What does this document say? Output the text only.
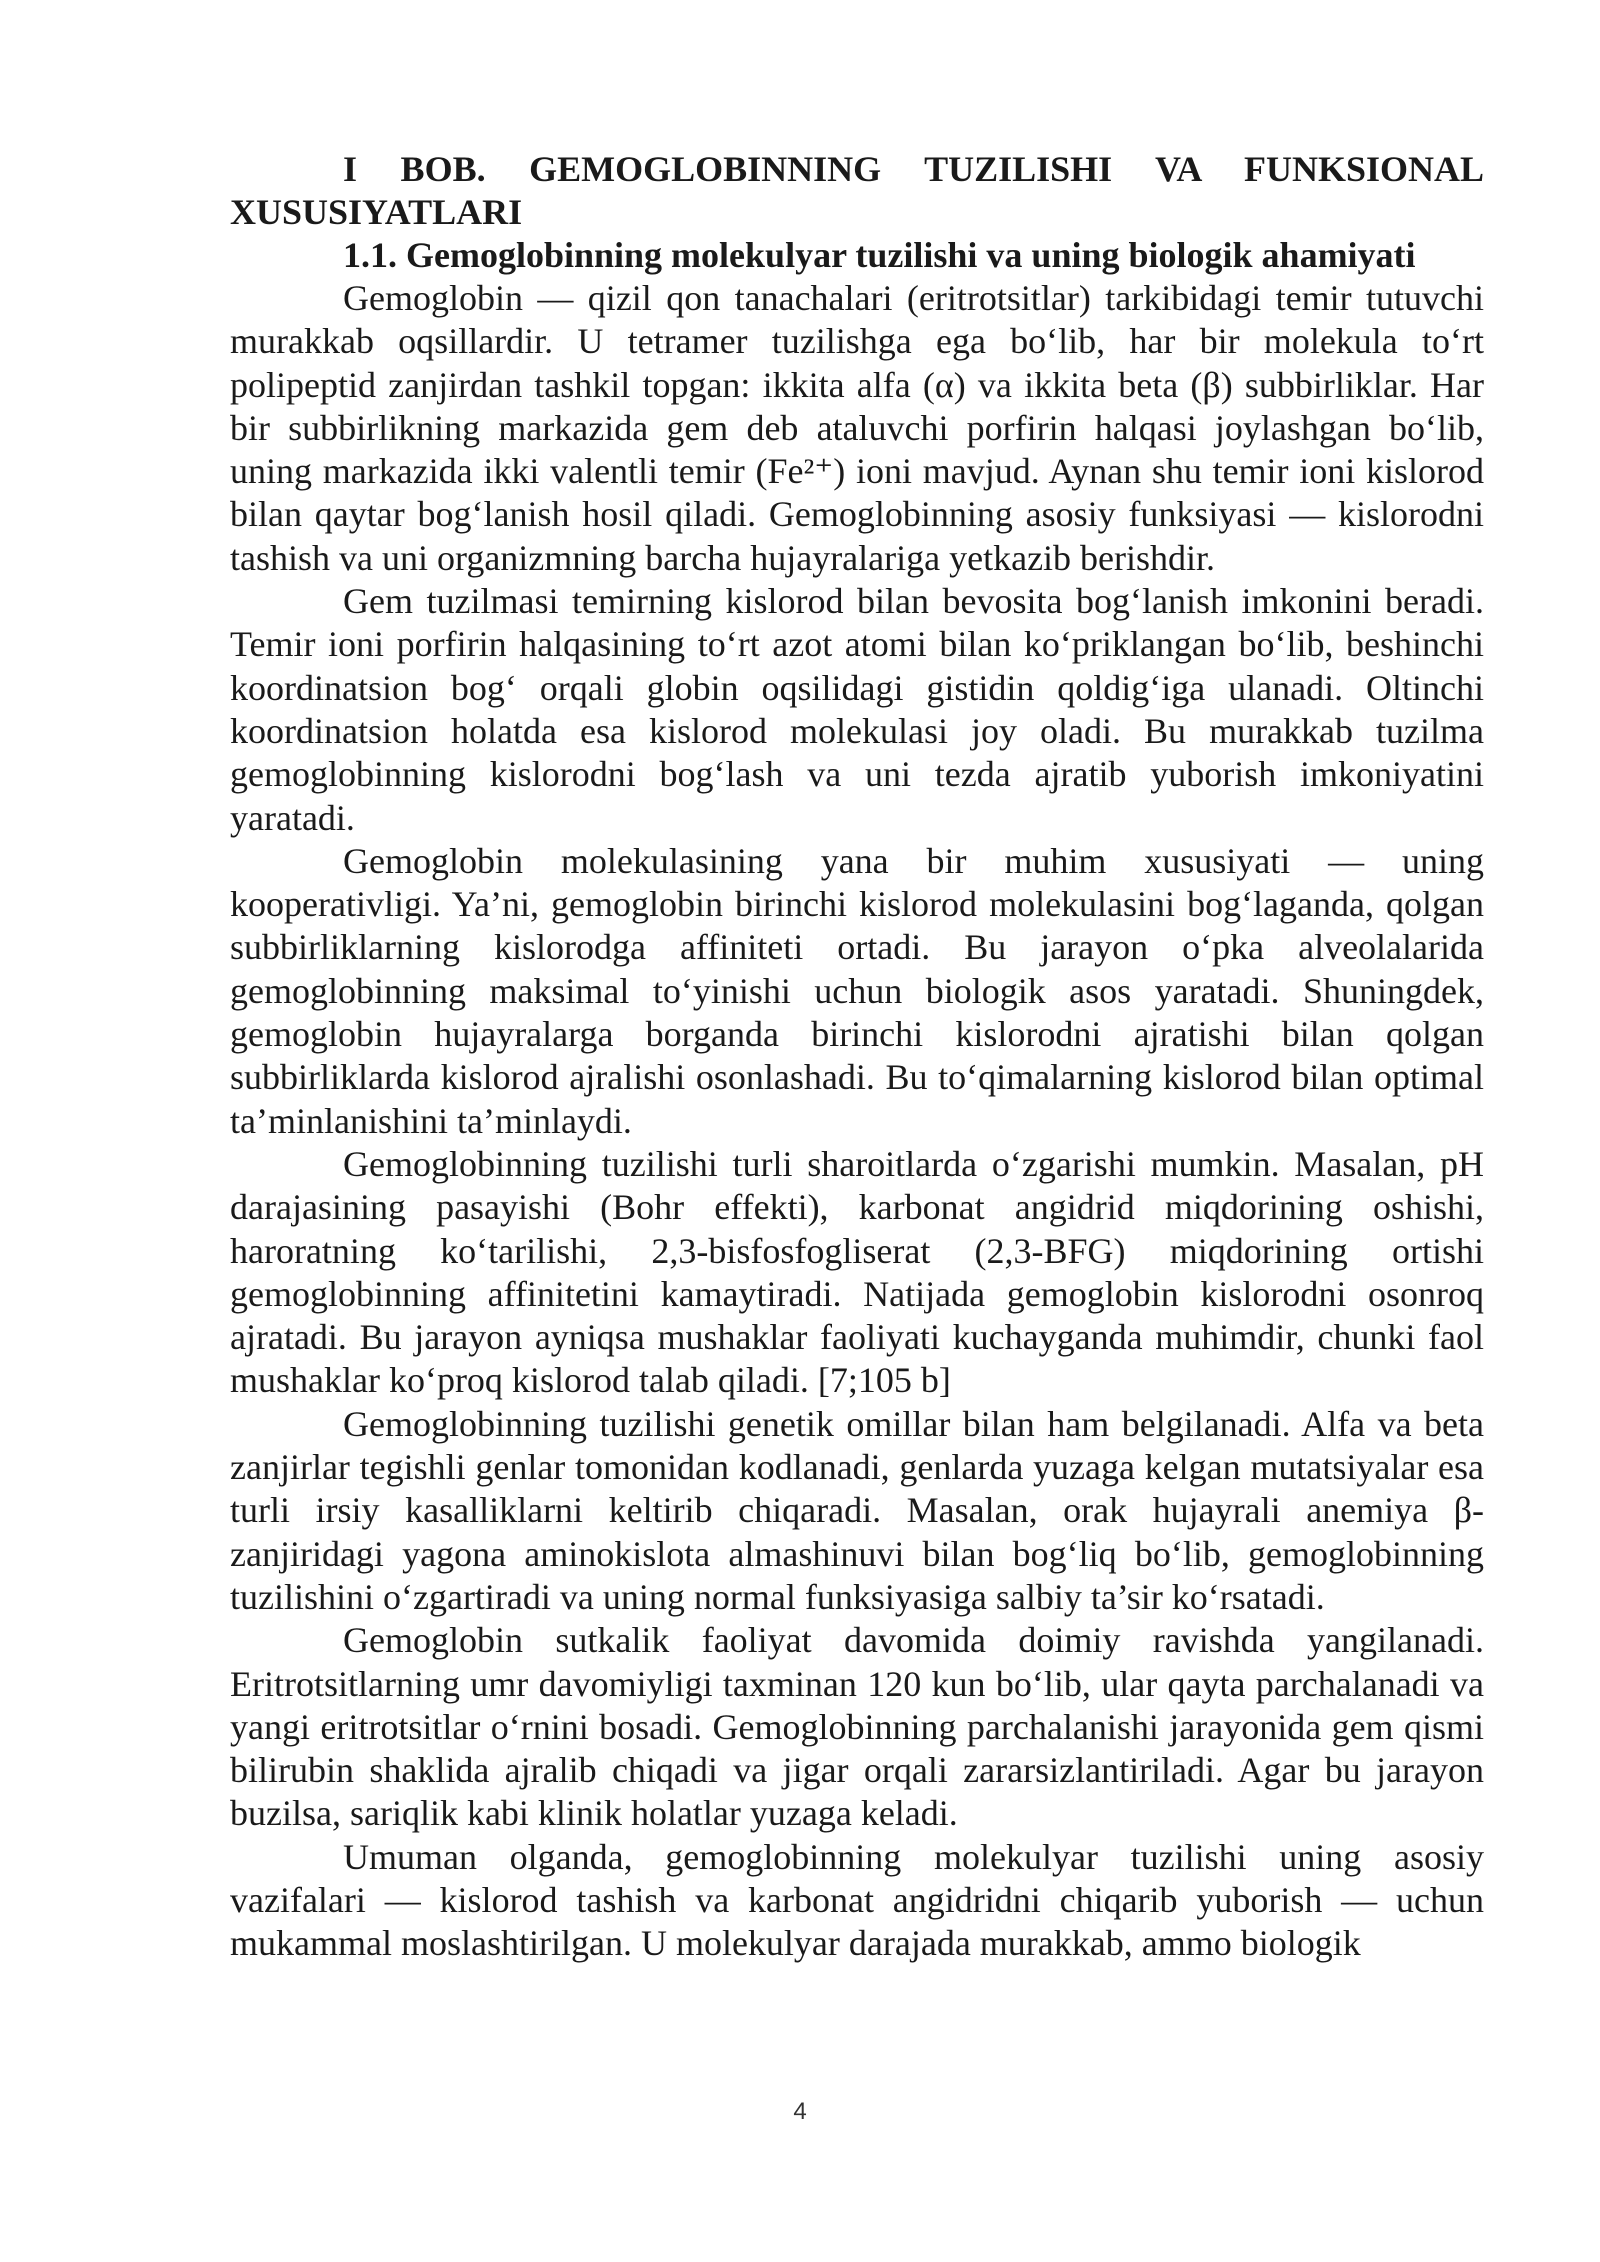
I BOB. GEMOGLOBINNING TUZILISHI VA FUNKSIONAL XUSUSIYATLARI

1.1. Gemoglobinning molekulyar tuzilishi va uning biologik ahamiyati

Gemoglobin — qizil qon tanachalari (eritrotsitlar) tarkibidagi temir tutuvchi murakkab oqsillardir. U tetramer tuzilishga ega bo‘lib, har bir molekula to‘rt polipeptid zanjirdan tashkil topgan: ikkita alfa (α) va ikkita beta (β) subbirliklar. Har bir subbirlikning markazida gem deb ataluvchi porfirin halqasi joylashgan bo‘lib, uning markazida ikki valentli temir (Fe²⁺) ioni mavjud. Aynan shu temir ioni kislorod bilan qaytar bog‘lanish hosil qiladi. Gemoglobinning asosiy funksiyasi — kislorodni tashish va uni organizmning barcha hujayralariga yetkazib berishdir.

Gem tuzilmasi temirning kislorod bilan bevosita bog‘lanish imkonini beradi. Temir ioni porfirin halqasining to‘rt azot atomi bilan ko‘priklangan bo‘lib, beshinchi koordinatsion bog‘ orqali globin oqsilidagi gistidin qoldig‘iga ulanadi. Oltinchi koordinatsion holatda esa kislorod molekulasi joy oladi. Bu murakkab tuzilma gemoglobinning kislorodni bog‘lash va uni tezda ajratib yuborish imkoniyatini yaratadi.

Gemoglobin molekulasining yana bir muhim xususiyati — uning kooperativligi. Ya’ni, gemoglobin birinchi kislorod molekulasini bog‘laganda, qolgan subbirliklarning kislorodga affiniteti ortadi. Bu jarayon o‘pka alveolalarida gemoglobinning maksimal to‘yinishi uchun biologik asos yaratadi. Shuningdek, gemoglobin hujayralarga borganda birinchi kislorodni ajratishi bilan qolgan subbirliklarda kislorod ajralishi osonlashadi. Bu to‘qimalarning kislorod bilan optimal ta’minlanishini ta’minlaydi.

Gemoglobinning tuzilishi turli sharoitlarda o‘zgarishi mumkin. Masalan, pH darajasining pasayishi (Bohr effekti), karbonat angidrid miqdorining oshishi, haroratning ko‘tarilishi, 2,3-bisfosfogliserat (2,3-BFG) miqdorining ortishi gemoglobinning affinitetini kamaytiradi. Natijada gemoglobin kislorodni osonroq ajratadi. Bu jarayon ayniqsa mushaklar faoliyati kuchayganda muhimdir, chunki faol mushaklar ko‘proq kislorod talab qiladi. [7;105 b]

Gemoglobinning tuzilishi genetik omillar bilan ham belgilanadi. Alfa va beta zanjirlar tegishli genlar tomonidan kodlanadi, genlarda yuzaga kelgan mutatsiyalar esa turli irsiy kasalliklarni keltirib chiqaradi. Masalan, orak hujayrali anemiya β-zanjiridagi yagona aminokislota almashinuvi bilan bog‘liq bo‘lib, gemoglobinning tuzilishini o‘zgartiradi va uning normal funksiyasiga salbiy ta’sir ko‘rsatadi.

Gemoglobin sutkalik faoliyat davomida doimiy ravishda yangilanadi. Eritrotsitlarning umr davomiyligi taxminan 120 kun bo‘lib, ular qayta parchalanadi va yangi eritrotsitlar o‘rnini bosadi. Gemoglobinning parchalanishi jarayonida gem qismi bilirubin shaklida ajralib chiqadi va jigar orqali zararsizlantiriladi. Agar bu jarayon buzilsa, sariqlik kabi klinik holatlar yuzaga keladi.

Umuman olganda, gemoglobinning molekulyar tuzilishi uning asosiy vazifalari — kislorod tashish va karbonat angidridni chiqarib yuborish — uchun mukammal moslashtirilgan. U molekulyar darajada murakkab, ammo biologik

4
